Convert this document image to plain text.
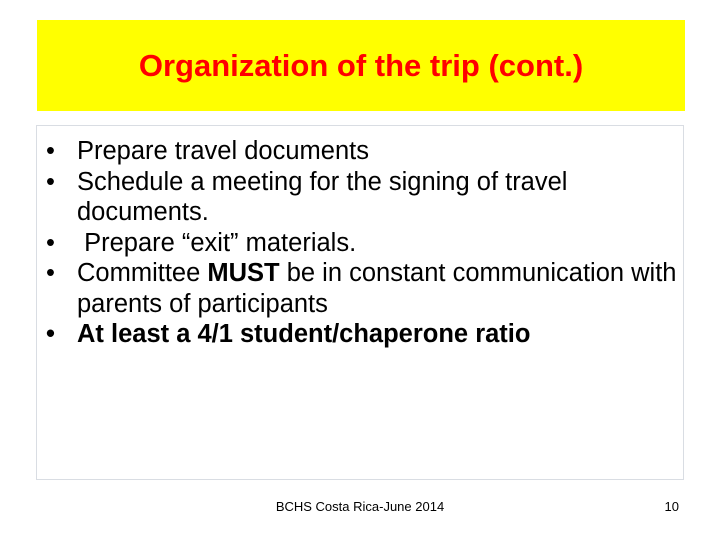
Organization of the trip (cont.)
• Prepare travel documents
• Schedule a meeting for the signing of travel documents.
• Prepare “exit” materials.
• Committee MUST be in constant communication with parents of participants
• At least a 4/1 student/chaperone ratio
BCHS Costa Rica-June 2014	10
